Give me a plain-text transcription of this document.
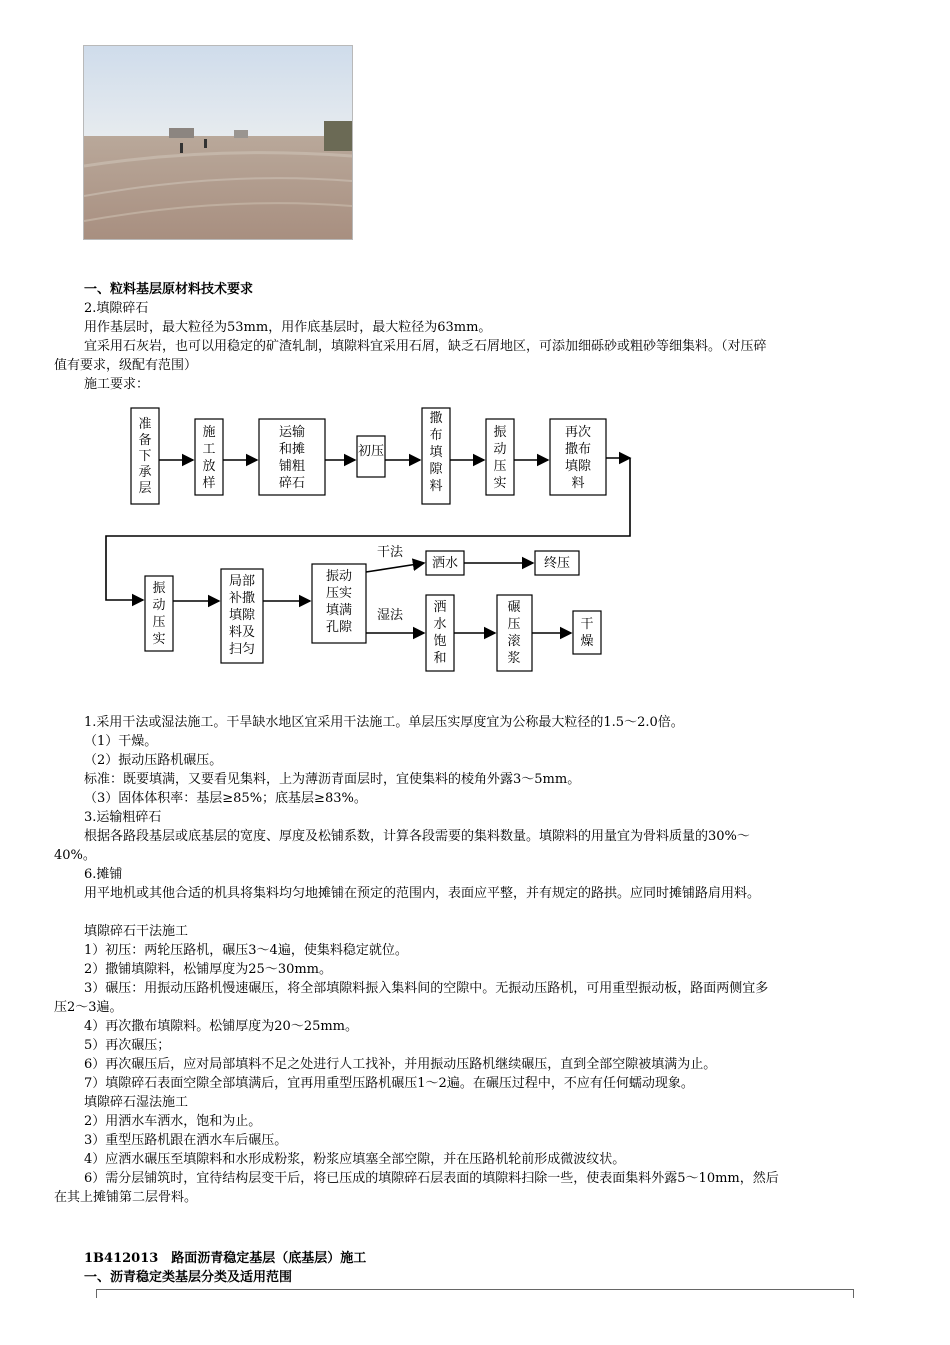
一、粒料基层原材料技术要求
2.填隙碎石
用作基层时，最大粒径为53mm，用作底基层时，最大粒径为63mm。
宜采用石灰岩，也可以用稳定的矿渣轧制，填隙料宜采用石屑，缺乏石屑地区，可添加细砾砂或粗砂等细集料。（对压碎
值有要求，级配有范围）
施工要求：
准
备
下
承
层
施
工
放
样
运输
和摊
铺粗
碎石
初压
撒
布
填
隙
料
振
动
压
实
再次
撒布
填隙
料
振
动
压
实
局部
补撒
填隙
料及
扫匀
振动
压实
填满
孔隙
洒水	终压
洒
水
饱
和
碾
压
滚
浆
干
燥
干法
湿法
1.采用干法或湿法施工。干旱缺水地区宜采用干法施工。单层压实厚度宜为公称最大粒径的1.5～2.0倍。
（1）干燥。
（2）振动压路机碾压。
标准：既要填满，又要看见集料，上为薄沥青面层时，宜使集料的棱角外露3～5mm。
（3）固体体积率：基层≥85%；底基层≥83%。
3.运输粗碎石
根据各路段基层或底基层的宽度、厚度及松铺系数，计算各段需要的集料数量。填隙料的用量宜为骨料质量的30%～
40%。
6.摊铺
用平地机或其他合适的机具将集料均匀地摊铺在预定的范围内，表面应平整，并有规定的路拱。应同时摊铺路肩用料。
填隙碎石干法施工
1）初压：两轮压路机，碾压3～4遍，使集料稳定就位。
2）撒铺填隙料，松铺厚度为25～30mm。
3）碾压：用振动压路机慢速碾压，将全部填隙料振入集料间的空隙中。无振动压路机，可用重型振动板，路面两侧宜多
压2～3遍。
4）再次撒布填隙料。松铺厚度为20～25mm。
5）再次碾压；
6）再次碾压后，应对局部填料不足之处进行人工找补，并用振动压路机继续碾压，直到全部空隙被填满为止。
7）填隙碎石表面空隙全部填满后，宜再用重型压路机碾压1～2遍。在碾压过程中，不应有任何蠕动现象。
填隙碎石湿法施工
2）用洒水车洒水，饱和为止。
3）重型压路机跟在洒水车后碾压。
4）应洒水碾压至填隙料和水形成粉浆，粉浆应填塞全部空隙，并在压路机轮前形成微波纹状。
6）需分层铺筑时，宜待结构层变干后，将已压成的填隙碎石层表面的填隙料扫除一些，使表面集料外露5～10mm，然后
在其上摊铺第二层骨料。
1B412013　路面沥青稳定基层（底基层）施工
一、沥青稳定类基层分类及适用范围
